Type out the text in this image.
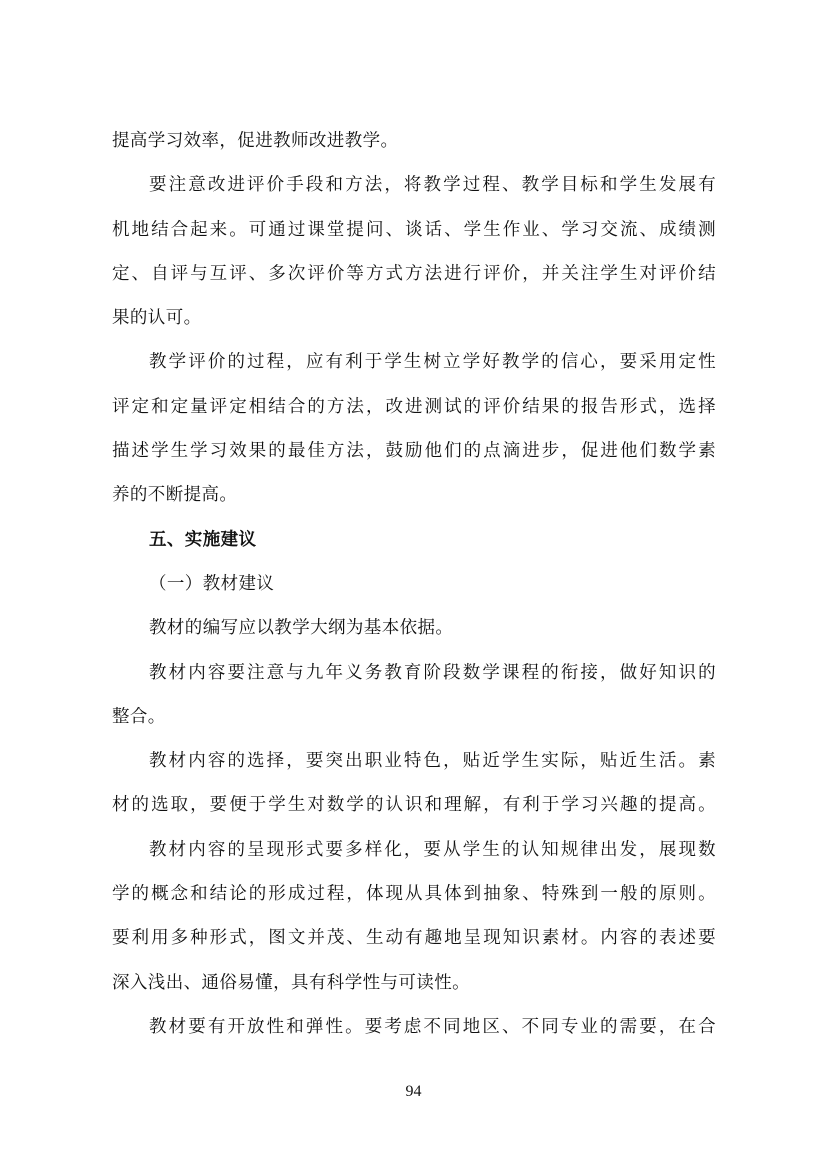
提高学习效率，促进教师改进教学。
要注意改进评价手段和方法，将教学过程、教学目标和学生发展有
机地结合起来。可通过课堂提问、谈话、学生作业、学习交流、成绩测
定、自评与互评、多次评价等方式方法进行评价，并关注学生对评价结
果的认可。
教学评价的过程，应有利于学生树立学好教学的信心，要采用定性
评定和定量评定相结合的方法，改进测试的评价结果的报告形式，选择
描述学生学习效果的最佳方法，鼓励他们的点滴进步，促进他们数学素
养的不断提高。
五、实施建议
（一）教材建议
教材的编写应以教学大纲为基本依据。
教材内容要注意与九年义务教育阶段数学课程的衔接，做好知识的
整合。
教材内容的选择，要突出职业特色，贴近学生实际，贴近生活。素
材的选取，要便于学生对数学的认识和理解，有利于学习兴趣的提高。
教材内容的呈现形式要多样化，要从学生的认知规律出发，展现数
学的概念和结论的形成过程，体现从具体到抽象、特殊到一般的原则。
要利用多种形式，图文并茂、生动有趣地呈现知识素材。内容的表述要
深入浅出、通俗易懂，具有科学性与可读性。
教材要有开放性和弹性。要考虑不同地区、不同专业的需要，在合
94
